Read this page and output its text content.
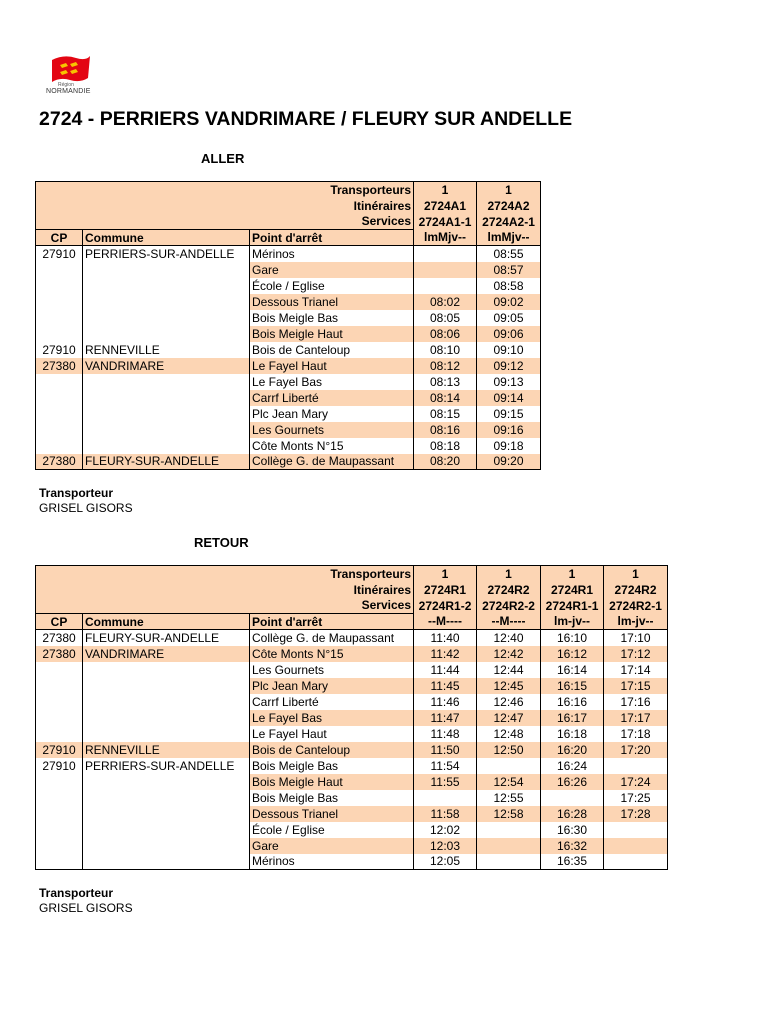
Région
NORMANDIE
2724 - PERRIERS VANDRIMARE / FLEURY SUR ANDELLE
ALLER
Transporteurs			1	1
Itinéraires			2724A1	2724A2
Services			2724A1-1	2724A2-1
CP	Commune	Point d'arrêt	lmMjv--	lmMjv--
27910	PERRIERS-SUR-ANDELLE	Mérinos		08:55
		Gare		08:57
		École / Eglise		08:58
		Dessous Trianel	08:02	09:02
		Bois Meigle Bas	08:05	09:05
		Bois Meigle Haut	08:06	09:06
27910	RENNEVILLE	Bois de Canteloup	08:10	09:10
27380	VANDRIMARE	Le Fayel Haut	08:12	09:12
		Le Fayel Bas	08:13	09:13
		Carrf Liberté	08:14	09:14
		Plc Jean Mary	08:15	09:15
		Les Gournets	08:16	09:16
		Côte Monts N°15	08:18	09:18
27380	FLEURY-SUR-ANDELLE	Collège G. de Maupassant	08:20	09:20
Transporteur
GRISEL GISORS
RETOUR
Transporteurs			1	1	1	1
Itinéraires			2724R1	2724R2	2724R1	2724R2
Services			2724R1-2	2724R2-2	2724R1-1	2724R2-1
CP	Commune	Point d'arrêt	--M----	--M----	lm-jv--	lm-jv--
27380	FLEURY-SUR-ANDELLE	Collège G. de Maupassant	11:40	12:40	16:10	17:10
27380	VANDRIMARE	Côte Monts N°15	11:42	12:42	16:12	17:12
		Les Gournets	11:44	12:44	16:14	17:14
		Plc Jean Mary	11:45	12:45	16:15	17:15
		Carrf Liberté	11:46	12:46	16:16	17:16
		Le Fayel Bas	11:47	12:47	16:17	17:17
		Le Fayel Haut	11:48	12:48	16:18	17:18
27910	RENNEVILLE	Bois de Canteloup	11:50	12:50	16:20	17:20
27910	PERRIERS-SUR-ANDELLE	Bois Meigle Bas	11:54		16:24	
		Bois Meigle Haut	11:55	12:54	16:26	17:24
		Bois Meigle Bas		12:55		17:25
		Dessous Trianel	11:58	12:58	16:28	17:28
		École / Eglise	12:02		16:30	
		Gare	12:03		16:32	
		Mérinos	12:05		16:35	
Transporteur
GRISEL GISORS
